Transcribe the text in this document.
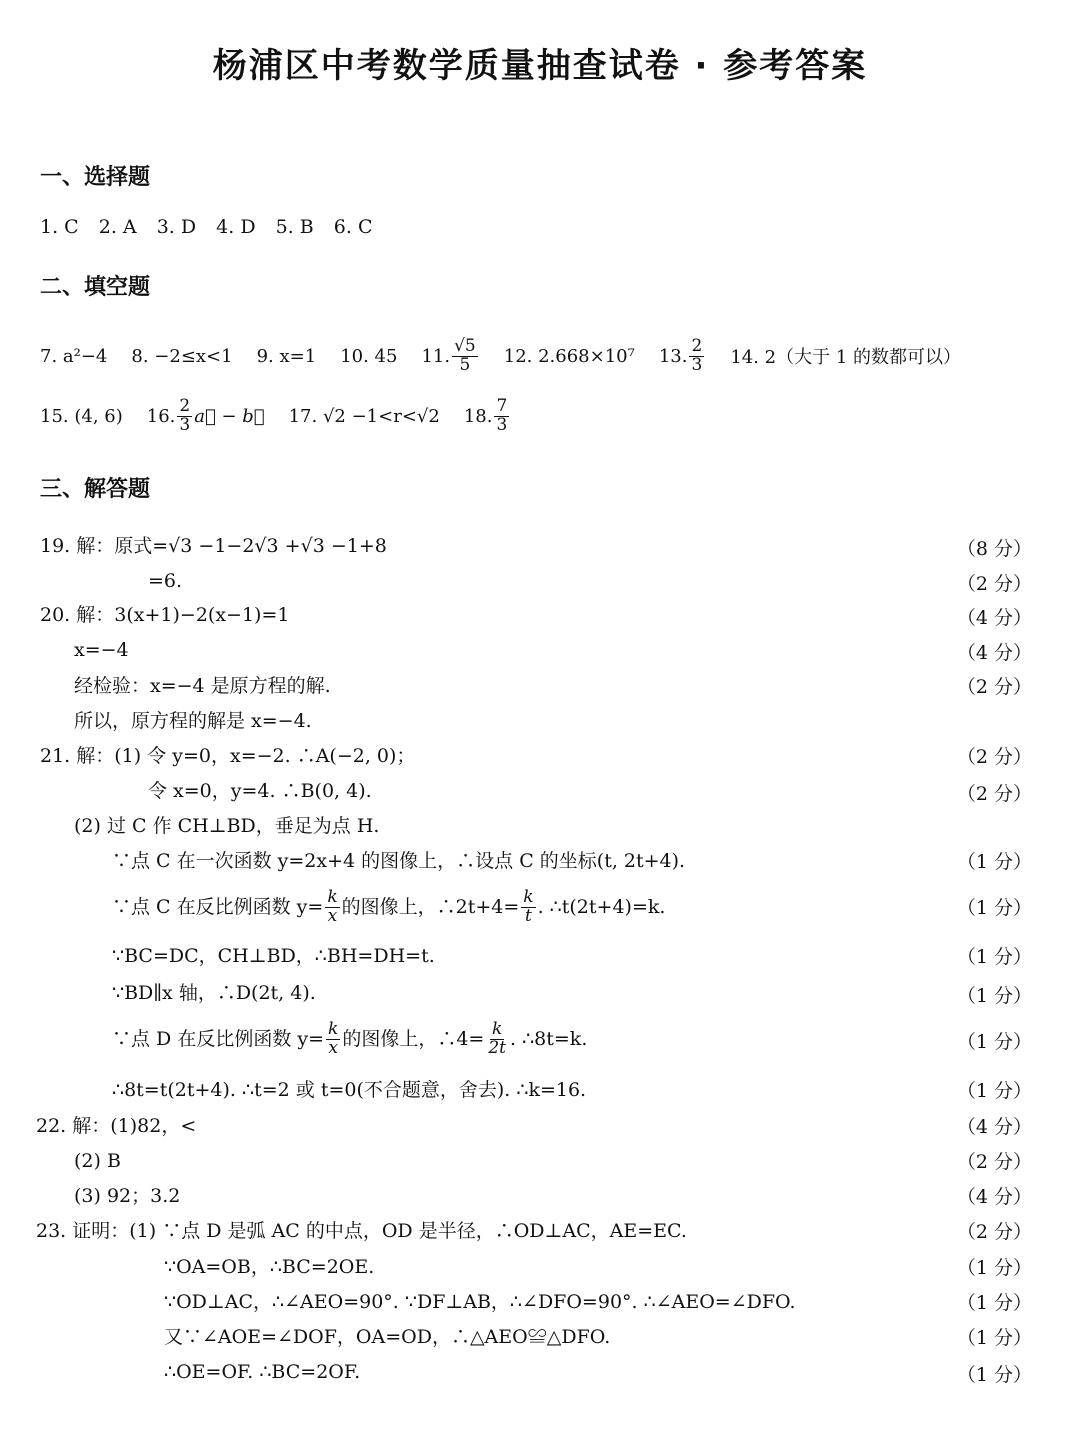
杨浦区中考数学质量抽查试卷 · 参考答案
一、选择题
1. C 2. A 3. D 4. D 5. B 6. C
二、填空题
7. a²−4 8. −2≤x<1 9. x=1 10. 45 11. $\frac{√5}{5} 12$. 2.668×10⁷ 13. $\frac{2}{3} 14$. 2（大于 1 的数都可以）
15. (4, 6) 16. $\frac{2}{3}$ a⃗ − b⃗ 17. √2 −1<r<√2 18. $\frac{7}{3}$
三、解答题
19. 解：原式=√3 −1−2√3 +√3 −1+8	（8 分）
=6.	（2 分）
20. 解：3(x+1)−2(x−1)=1	（4 分）
x=−4	（4 分）
经检验：x=−4 是原方程的解.	（2 分）
所以，原方程的解是 x=−4.
21. 解：(1) 令 y=0，x=−2. ∴A(−2, 0)；	（2 分）
令 x=0，y=4. ∴B(0, 4).	（2 分）
(2) 过 C 作 CH⊥BD，垂足为点 H.
∵点 C 在一次函数 y=2x+4 的图像上，∴设点 C 的坐标(t, 2t+4).	（1 分）
∵点 C 在反比例函数 $y= \frac{k}{x}$ 的图像上，∴2t+4= $\frac{k}{t}$ . ∴t(2t+4)=k.	（1 分）
∵BC=DC，CH⊥BD，∴BH=DH=t.	（1 分）
∵BD∥x 轴，∴D(2t, 4).	（1 分）
∵点 D 在反比例函数 $y= \frac{k}{x}$ 的图像上，∴4= $\frac{k}{2t}$ . ∴8t=k.	（1 分）
∴8t=t(2t+4). ∴t=2 或 t=0(不合题意，舍去). ∴k=16.	（1 分）
22. 解：(1)82，<	（4 分）
(2) B	（2 分）
(3) 92；3.2	（4 分）
23. 证明：(1) ∵点 D 是弧 AC 的中点，OD 是半径，∴OD⊥AC，AE=EC.	（2 分）
∵OA=OB，∴BC=2OE.	（1 分）
∵OD⊥AC，∴∠AEO=90°. ∵DF⊥AB，∴∠DFO=90°. ∴∠AEO=∠DFO.	（1 分）
又∵∠AOE=∠DOF，OA=OD，∴△AEO≌△DFO.	（1 分）
∴OE=OF. ∴BC=2OF.	（1 分）
